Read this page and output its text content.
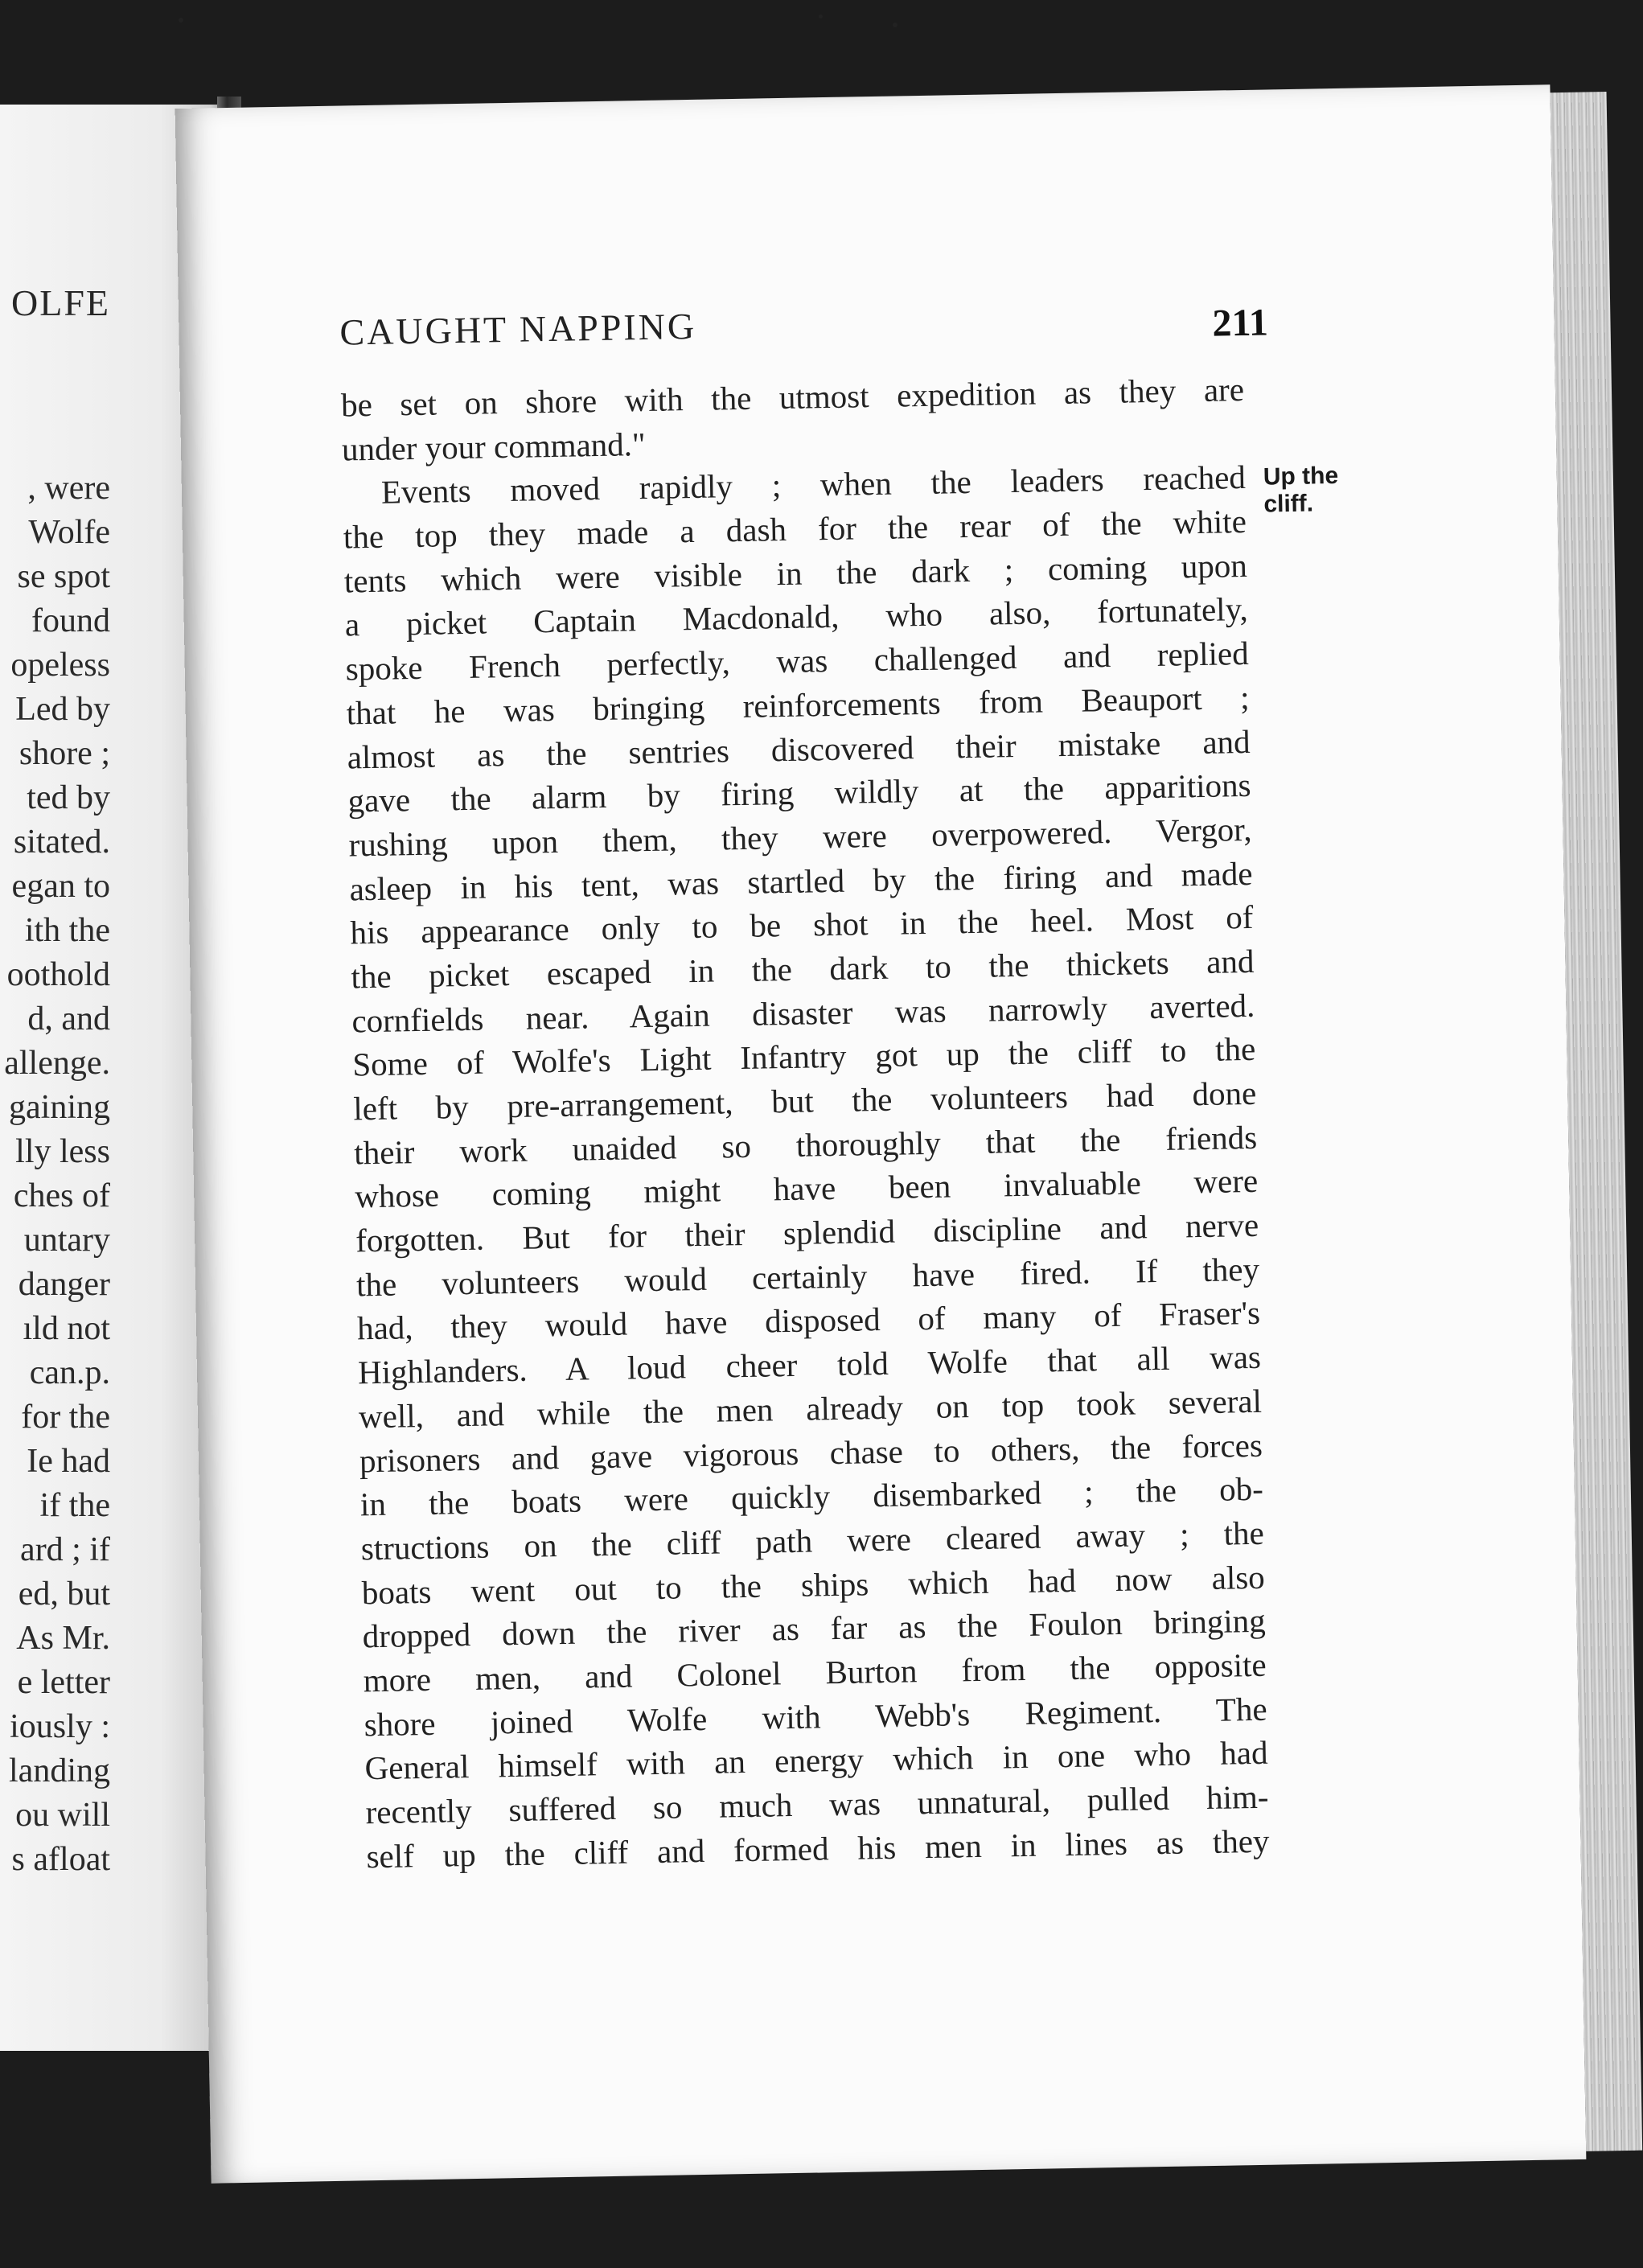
OLFE
, were
Wolfe
se spot
found
opeless
Led by
shore ;
ted by
sitated.
egan to
ith the
oothold
d, and
allenge.
gaining
lly less
ches of
untary
danger
ıld not
can.p.
for the
Ie had
if the
ard ; if
ed, but
As Mr.
e letter
iously :
landing
ou will
s afloat
CAUGHT NAPPING	211
be set on shore with the utmost expedition as they are
under your command."
Events moved rapidly ; when the leaders reached
the top they made a dash for the rear of the white
tents which were visible in the dark ; coming upon
a picket Captain Macdonald, who also, fortunately,
spoke French perfectly, was challenged and replied
that he was bringing reinforcements from Beauport ;
almost as the sentries discovered their mistake and
gave the alarm by firing wildly at the apparitions
rushing upon them, they were overpowered. Vergor,
asleep in his tent, was startled by the firing and made
his appearance only to be shot in the heel. Most of
the picket escaped in the dark to the thickets and
cornfields near. Again disaster was narrowly averted.
Some of Wolfe's Light Infantry got up the cliff to the
left by pre-arrangement, but the volunteers had done
their work unaided so thoroughly that the friends
whose coming might have been invaluable were
forgotten. But for their splendid discipline and nerve
the volunteers would certainly have fired. If they
had, they would have disposed of many of Fraser's
Highlanders. A loud cheer told Wolfe that all was
well, and while the men already on top took several
prisoners and gave vigorous chase to others, the forces
in the boats were quickly disembarked ; the ob-
structions on the cliff path were cleared away ; the
boats went out to the ships which had now also
dropped down the river as far as the Foulon bringing
more men, and Colonel Burton from the opposite
shore joined Wolfe with Webb's Regiment. The
General himself with an energy which in one who had
recently suffered so much was unnatural, pulled him-
self up the cliff and formed his men in lines as they
Up the
cliff.
